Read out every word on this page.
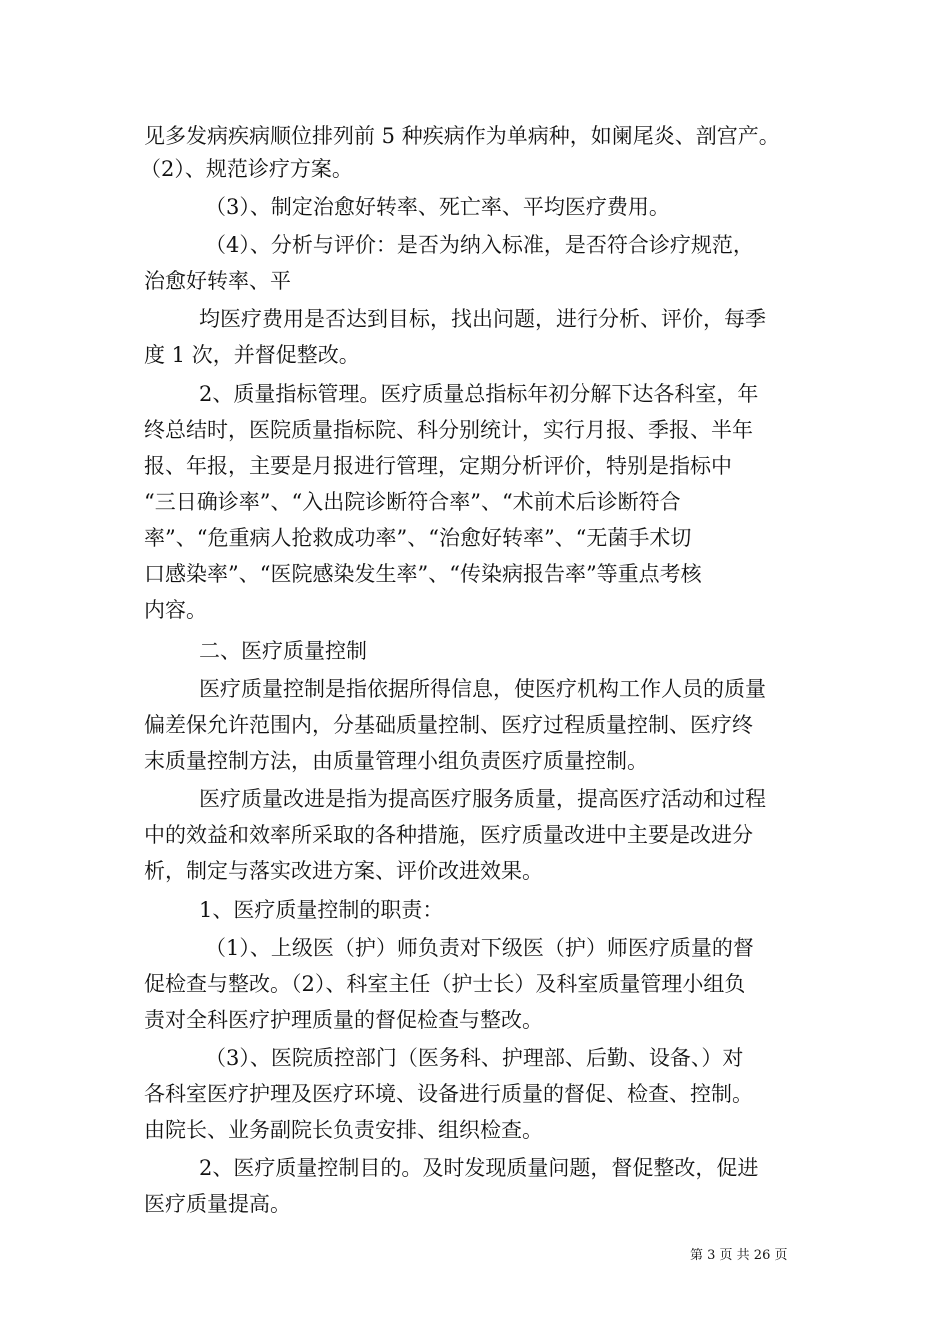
见多发病疾病顺位排列前 5 种疾病作为单病种，如阑尾炎、剖宫产。
（2）、规范诊疗方案。
（3）、制定治愈好转率、死亡率、平均医疗费用。
（4）、分析与评价：是否为纳入标准，是否符合诊疗规范，
治愈好转率、平
均医疗费用是否达到目标，找出问题，进行分析、评价，每季
度 1 次，并督促整改。
2、质量指标管理。医疗质量总指标年初分解下达各科室，年
终总结时，医院质量指标院、科分别统计，实行月报、季报、半年
报、年报，主要是月报进行管理，定期分析评价，特别是指标中
“三日确诊率”、“入出院诊断符合率”、“术前术后诊断符合
率”、“危重病人抢救成功率”、“治愈好转率”、“无菌手术切
口感染率”、“医院感染发生率”、“传染病报告率”等重点考核
内容。
二、医疗质量控制
医疗质量控制是指依据所得信息，使医疗机构工作人员的质量
偏差保允许范围内，分基础质量控制、医疗过程质量控制、医疗终
末质量控制方法，由质量管理小组负责医疗质量控制。
医疗质量改进是指为提高医疗服务质量，提高医疗活动和过程
中的效益和效率所采取的各种措施，医疗质量改进中主要是改进分
析，制定与落实改进方案、评价改进效果。
1、医疗质量控制的职责：
（1）、上级医（护）师负责对下级医（护）师医疗质量的督
促检查与整改。（2）、科室主任（护士长）及科室质量管理小组负
责对全科医疗护理质量的督促检查与整改。
（3）、医院质控部门（医务科、护理部、后勤、设备、）对
各科室医疗护理及医疗环境、设备进行质量的督促、检查、控制。
由院长、业务副院长负责安排、组织检查。
2、医疗质量控制目的。及时发现质量问题，督促整改，促进
医疗质量提高。
第 3 页 共 26 页
